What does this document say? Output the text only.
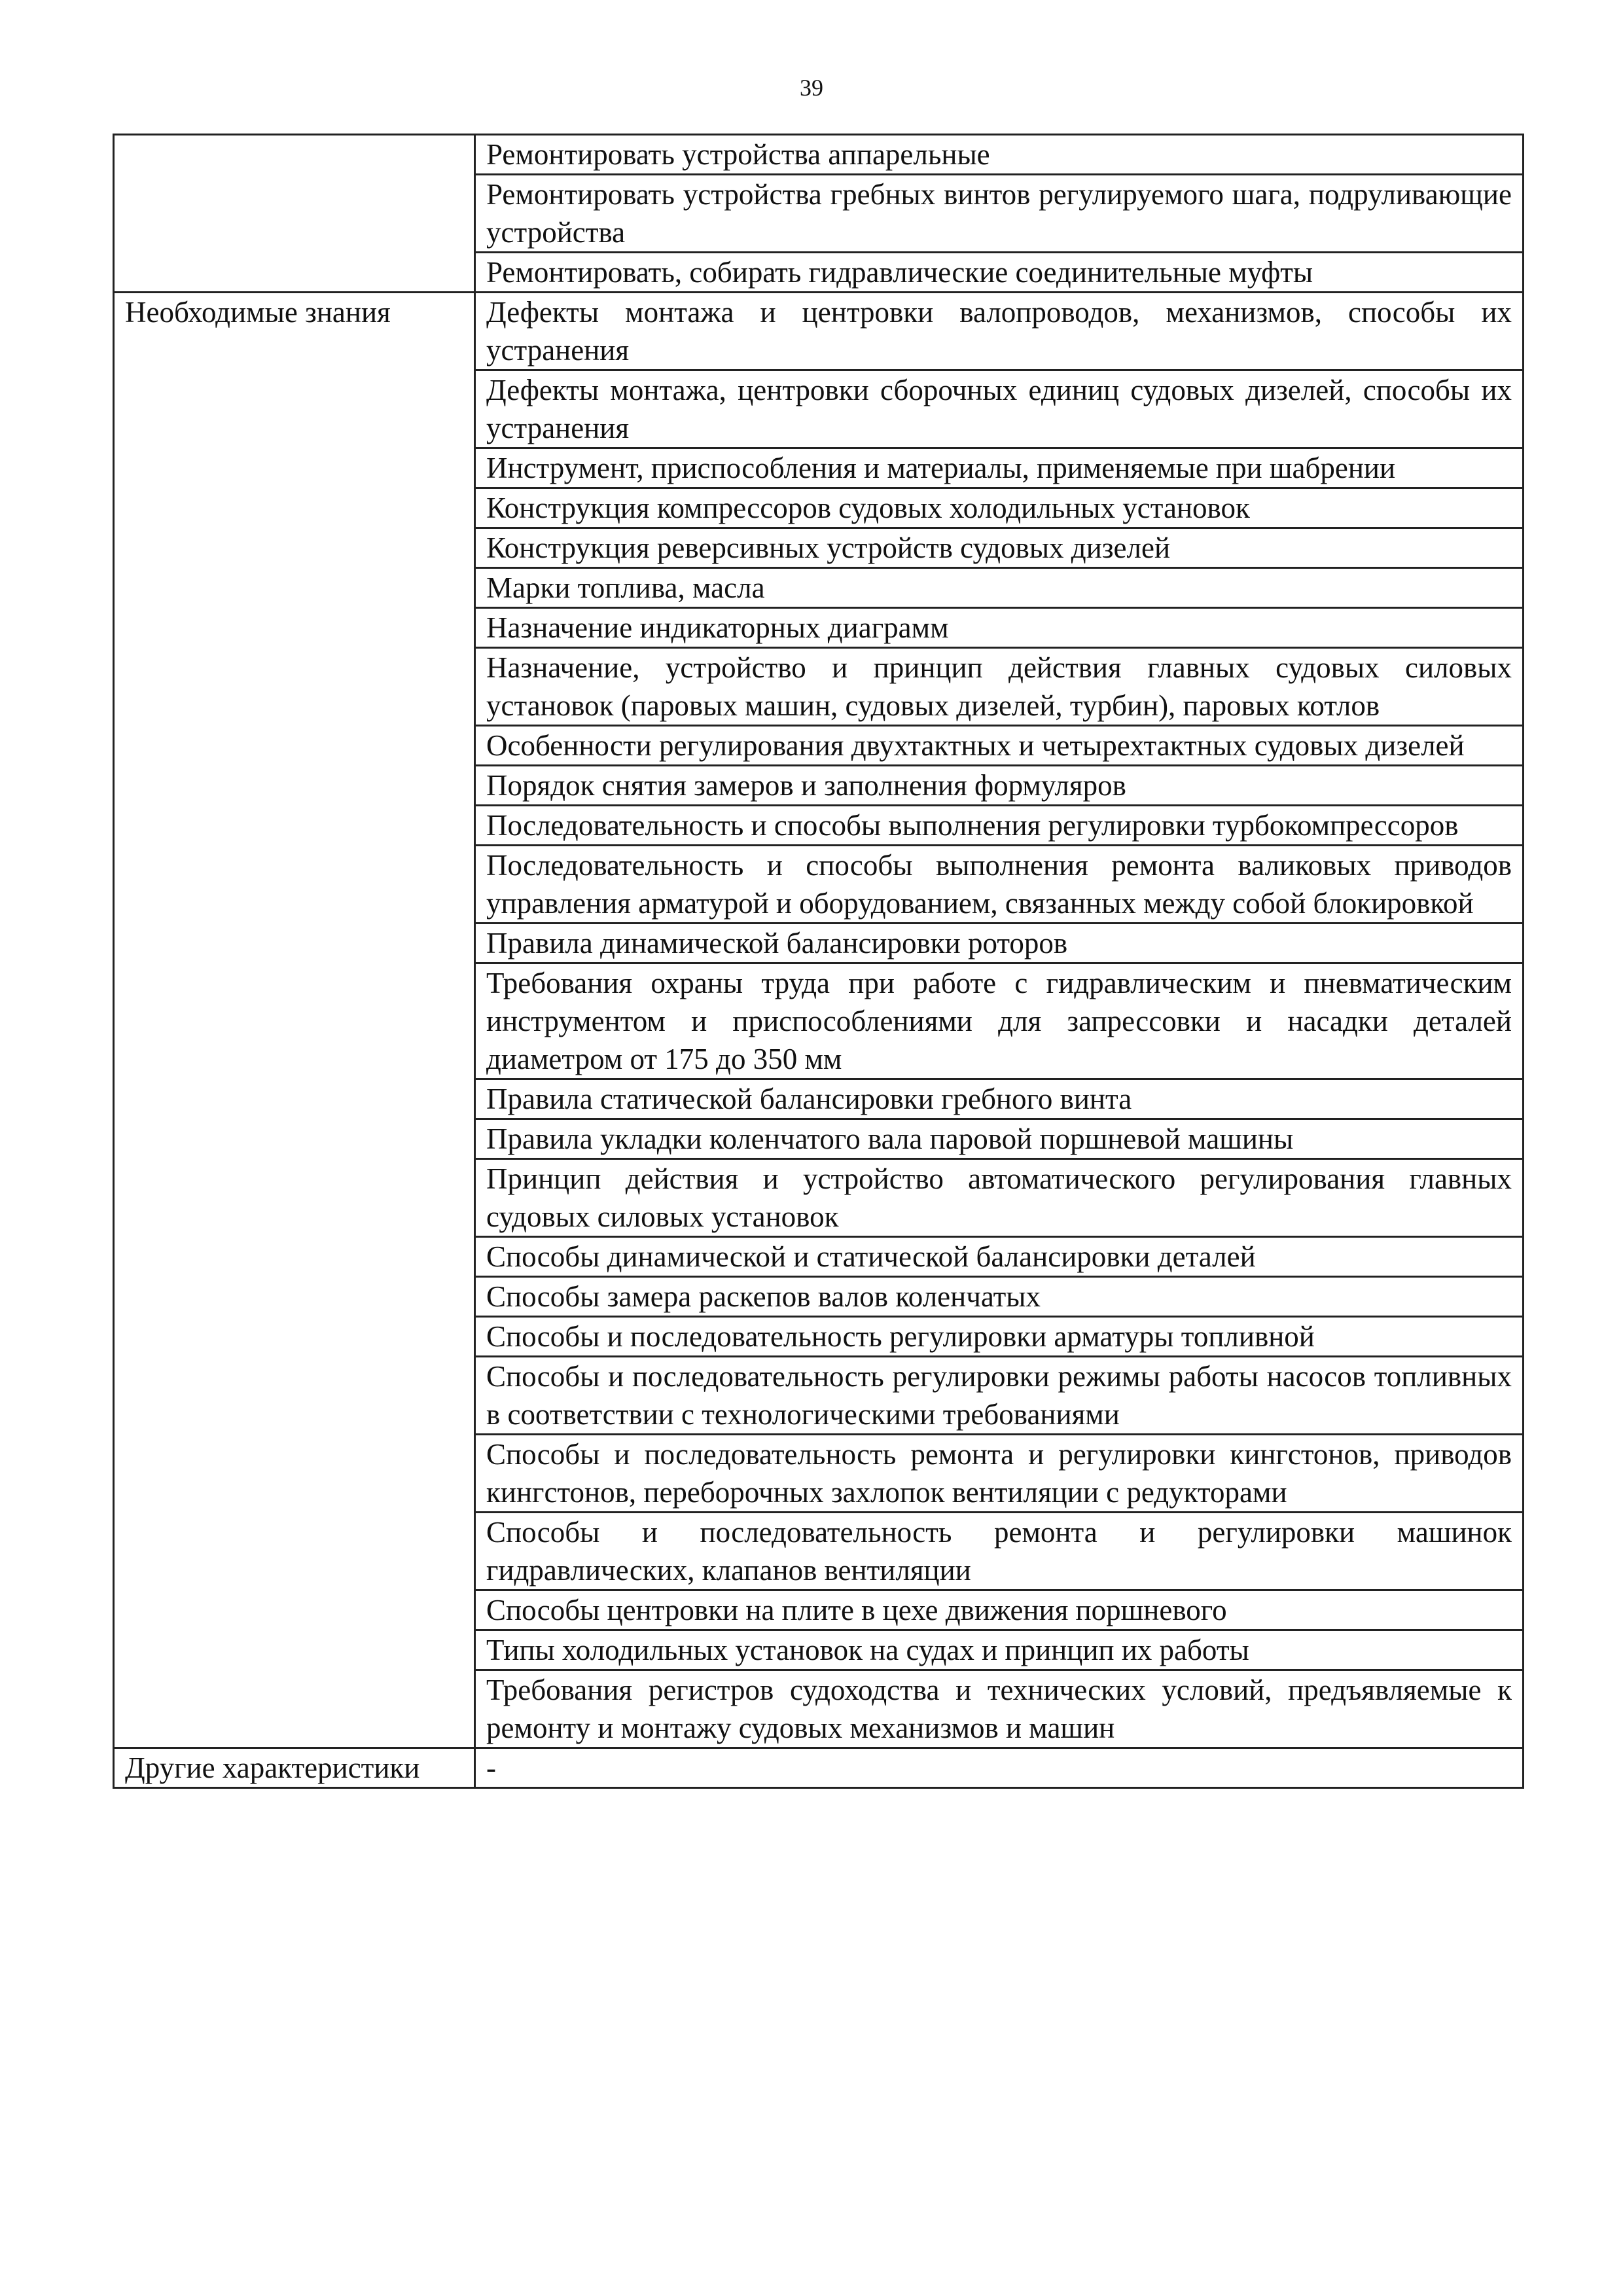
39
	Ремонтировать устройства аппарельные
	Ремонтировать устройства гребных винтов регулируемого шага, подруливающие устройства
	Ремонтировать, собирать гидравлические соединительные муфты
Необходимые знания	Дефекты монтажа и центровки валопроводов, механизмов, способы их устранения
	Дефекты монтажа, центровки сборочных единиц судовых дизелей, способы их устранения
	Инструмент, приспособления и материалы, применяемые при шабрении
	Конструкция компрессоров судовых холодильных установок
	Конструкция реверсивных устройств судовых дизелей
	Марки топлива, масла
	Назначение индикаторных диаграмм
	Назначение, устройство и принцип действия главных судовых силовых установок (паровых машин, судовых дизелей, турбин), паровых котлов
	Особенности регулирования двухтактных и четырехтактных судовых дизелей
	Порядок снятия замеров и заполнения формуляров
	Последовательность и способы выполнения регулировки турбокомпрессоров
	Последовательность и способы выполнения ремонта валиковых приводов управления арматурой и оборудованием, связанных между собой блокировкой
	Правила динамической балансировки роторов
	Требования охраны труда при работе с гидравлическим и пневматическим инструментом и приспособлениями для запрессовки и насадки деталей диаметром от 175 до 350 мм
	Правила статической балансировки гребного винта
	Правила укладки коленчатого вала паровой поршневой машины
	Принцип действия и устройство автоматического регулирования главных судовых силовых установок
	Способы динамической и статической балансировки деталей
	Способы замера раскепов валов коленчатых
	Способы и последовательность регулировки арматуры топливной
	Способы и последовательность регулировки режимы работы насосов топливных в соответствии с технологическими требованиями
	Способы и последовательность ремонта и регулировки кингстонов, приводов кингстонов, переборочных захлопок вентиляции с редукторами
	Способы и последовательность ремонта и регулировки машинок гидравлических, клапанов вентиляции
	Способы центровки на плите в цехе движения поршневого
	Типы холодильных установок на судах и принцип их работы
	Требования регистров судоходства и технических условий, предъявляемые к ремонту и монтажу судовых механизмов и машин
Другие характеристики	-
